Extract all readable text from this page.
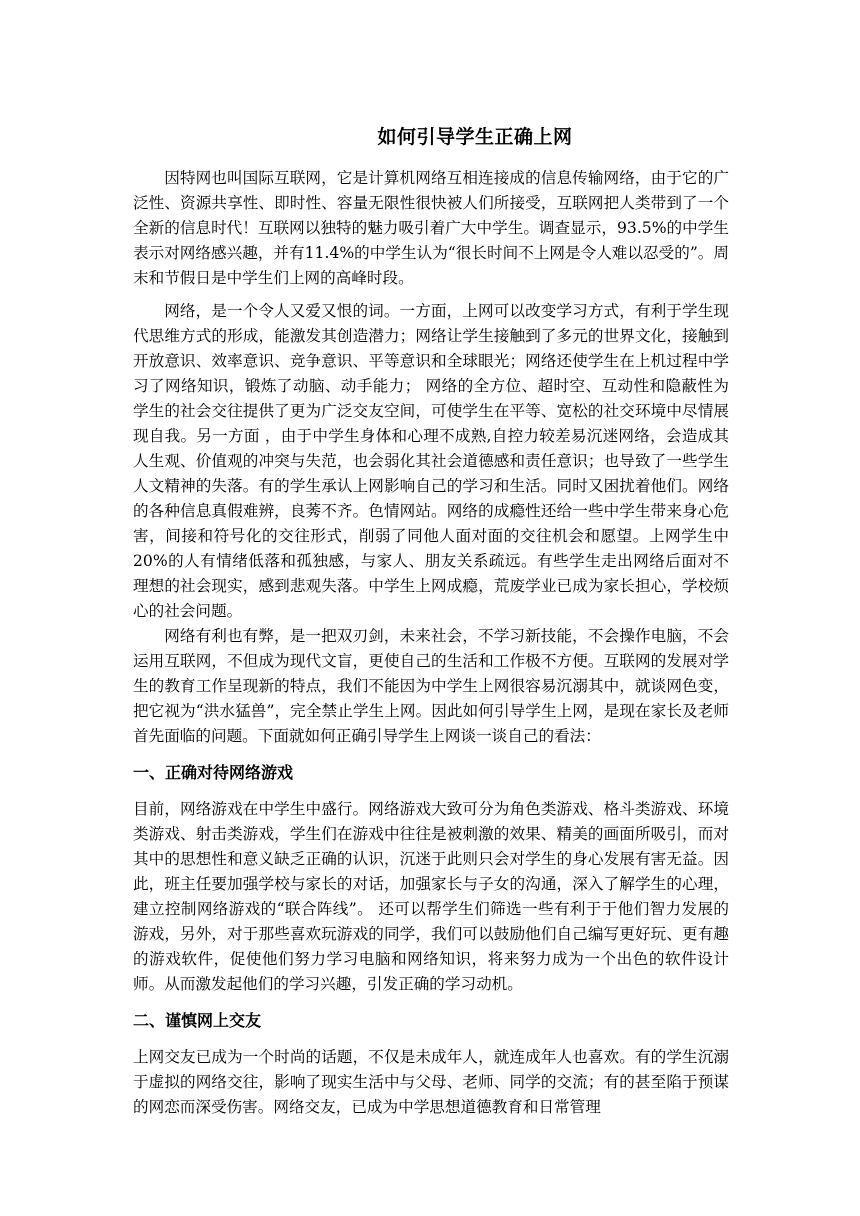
如何引导学生正确上网

因特网也叫国际互联网，它是计算机网络互相连接成的信息传输网络，由于它的广泛性、资源共享性、即时性、容量无限性很快被人们所接受，互联网把人类带到了一个全新的信息时代！互联网以独特的魅力吸引着广大中学生。调查显示，93.5%的中学生表示对网络感兴趣，并有11.4%的中学生认为“很长时间不上网是令人难以忍受的”。周末和节假日是中学生们上网的高峰时段。

网络，是一个令人又爱又恨的词。一方面，上网可以改变学习方式，有利于学生现代思维方式的形成，能激发其创造潜力；网络让学生接触到了多元的世界文化，接触到开放意识、效率意识、竞争意识、平等意识和全球眼光；网络还使学生在上机过程中学习了网络知识，锻炼了动脑、动手能力； 网络的全方位、超时空、互动性和隐蔽性为学生的社会交往提供了更为广泛交友空间，可使学生在平等、宽松的社交环境中尽情展现自我。另一方面 ，由于中学生身体和心理不成熟,自控力较差易沉迷网络，会造成其人生观、价值观的冲突与失范，也会弱化其社会道德感和责任意识；也导致了一些学生人文精神的失落。有的学生承认上网影响自己的学习和生活。同时又困扰着他们。网络的各种信息真假难辨，良莠不齐。色情网站。网络的成瘾性还给一些中学生带来身心危害，间接和符号化的交往形式，削弱了同他人面对面的交往机会和愿望。上网学生中20%的人有情绪低落和孤独感，与家人、朋友关系疏远。有些学生走出网络后面对不理想的社会现实，感到悲观失落。中学生上网成瘾，荒废学业已成为家长担心，学校烦心的社会问题。

网络有利也有弊，是一把双刃剑，未来社会，不学习新技能，不会操作电脑，不会运用互联网，不但成为现代文盲，更使自己的生活和工作极不方便。互联网的发展对学生的教育工作呈现新的特点，我们不能因为中学生上网很容易沉溺其中，就谈网色变，把它视为“洪水猛兽”，完全禁止学生上网。因此如何引导学生上网，是现在家长及老师首先面临的问题。下面就如何正确引导学生上网谈一谈自己的看法：

一、正确对待网络游戏

目前，网络游戏在中学生中盛行。网络游戏大致可分为角色类游戏、格斗类游戏、环境类游戏、射击类游戏，学生们在游戏中往往是被刺激的效果、精美的画面所吸引，而对其中的思想性和意义缺乏正确的认识，沉迷于此则只会对学生的身心发展有害无益。因此，班主任要加强学校与家长的对话，加强家长与子女的沟通，深入了解学生的心理，建立控制网络游戏的“联合阵线”。 还可以帮学生们筛选一些有利于于他们智力发展的游戏，另外，对于那些喜欢玩游戏的同学，我们可以鼓励他们自己编写更好玩、更有趣的游戏软件，促使他们努力学习电脑和网络知识，将来努力成为一个出色的软件设计师。从而激发起他们的学习兴趣，引发正确的学习动机。

二、谨慎网上交友

上网交友已成为一个时尚的话题，不仅是未成年人，就连成年人也喜欢。有的学生沉溺于虚拟的网络交往，影响了现实生活中与父母、老师、同学的交流；有的甚至陷于预谋的网恋而深受伤害。网络交友，已成为中学思想道德教育和日常管理
